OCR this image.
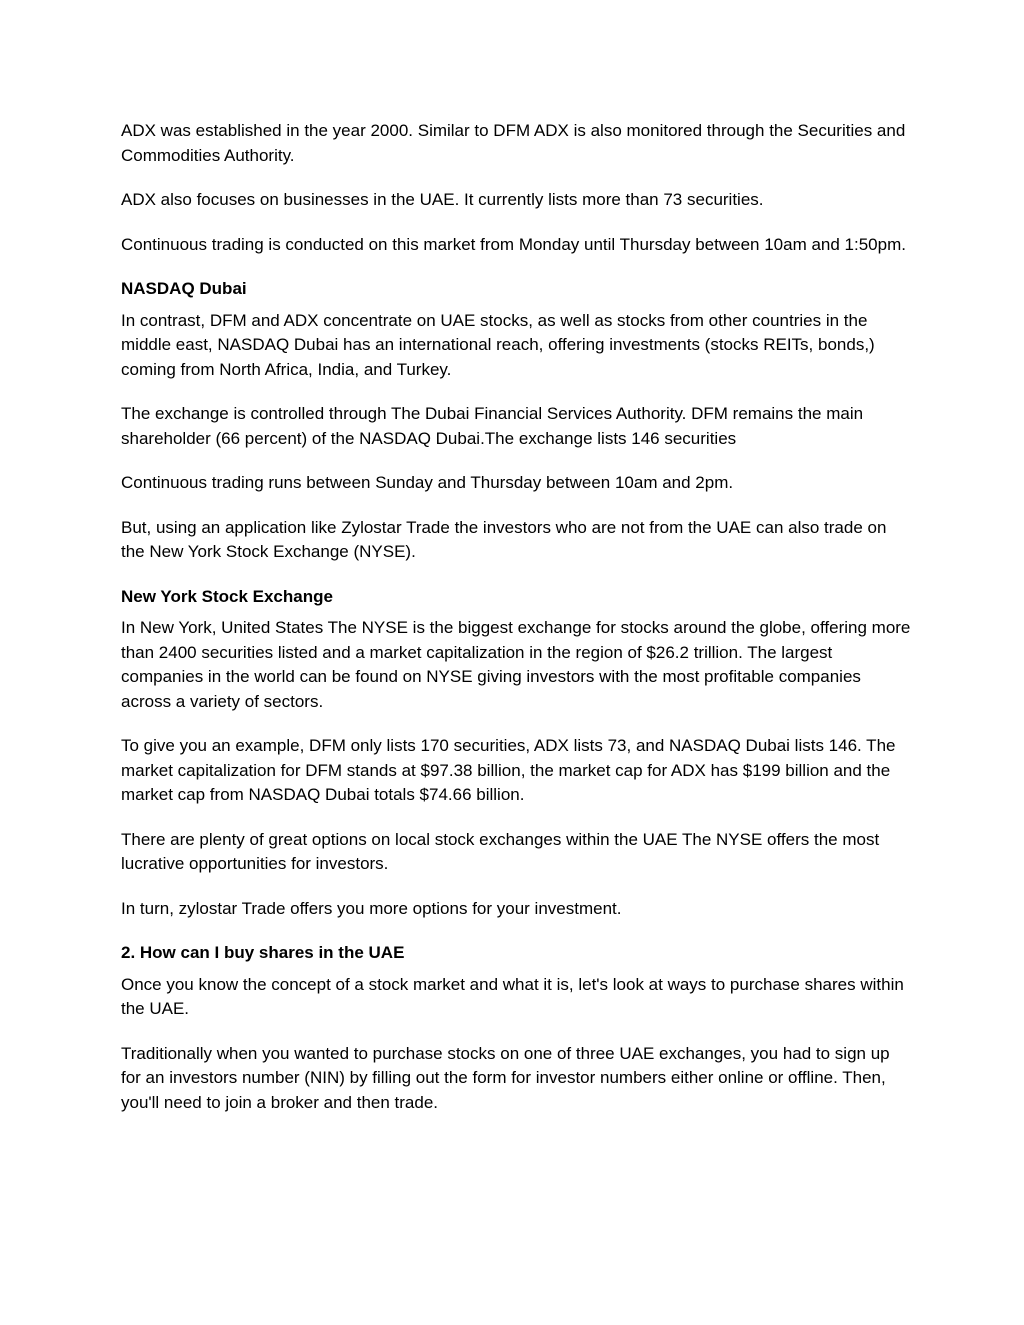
ADX was established in the year 2000. Similar to DFM ADX is also monitored through the Securities and Commodities Authority.

ADX also focuses on businesses in the UAE. It currently lists more than 73 securities.

Continuous trading is conducted on this market from Monday until Thursday between 10am and 1:50pm.

NASDAQ Dubai

In contrast, DFM and ADX concentrate on UAE stocks, as well as stocks from other countries in the middle east, NASDAQ Dubai has an international reach, offering investments (stocks REITs, bonds,) coming from North Africa, India, and Turkey.

The exchange is controlled through The Dubai Financial Services Authority. DFM remains the main shareholder (66 percent) of the NASDAQ Dubai.The exchange lists 146 securities

Continuous trading runs between Sunday and Thursday between 10am and 2pm.

But, using an application like Zylostar Trade the investors who are not from the UAE can also trade on the New York Stock Exchange (NYSE).

New York Stock Exchange

In New York, United States The NYSE is the biggest exchange for stocks around the globe, offering more than 2400 securities listed and a market capitalization in the region of $26.2 trillion. The largest companies in the world can be found on NYSE giving investors with the most profitable companies across a variety of sectors.

To give you an example, DFM only lists 170 securities, ADX lists 73, and NASDAQ Dubai lists 146. The market capitalization for DFM stands at $97.38 billion, the market cap for ADX has $199 billion and the market cap from NASDAQ Dubai totals $74.66 billion.

There are plenty of great options on local stock exchanges within the UAE The NYSE offers the most lucrative opportunities for investors.

In turn, zylostar Trade offers you more options for your investment.

2. How can I buy shares in the UAE

Once you know the concept of a stock market and what it is, let's look at ways to purchase shares within the UAE.

Traditionally when you wanted to purchase stocks on one of three UAE exchanges, you had to sign up for an investors number (NIN) by filling out the form for investor numbers either online or offline. Then, you'll need to join a broker and then trade.
